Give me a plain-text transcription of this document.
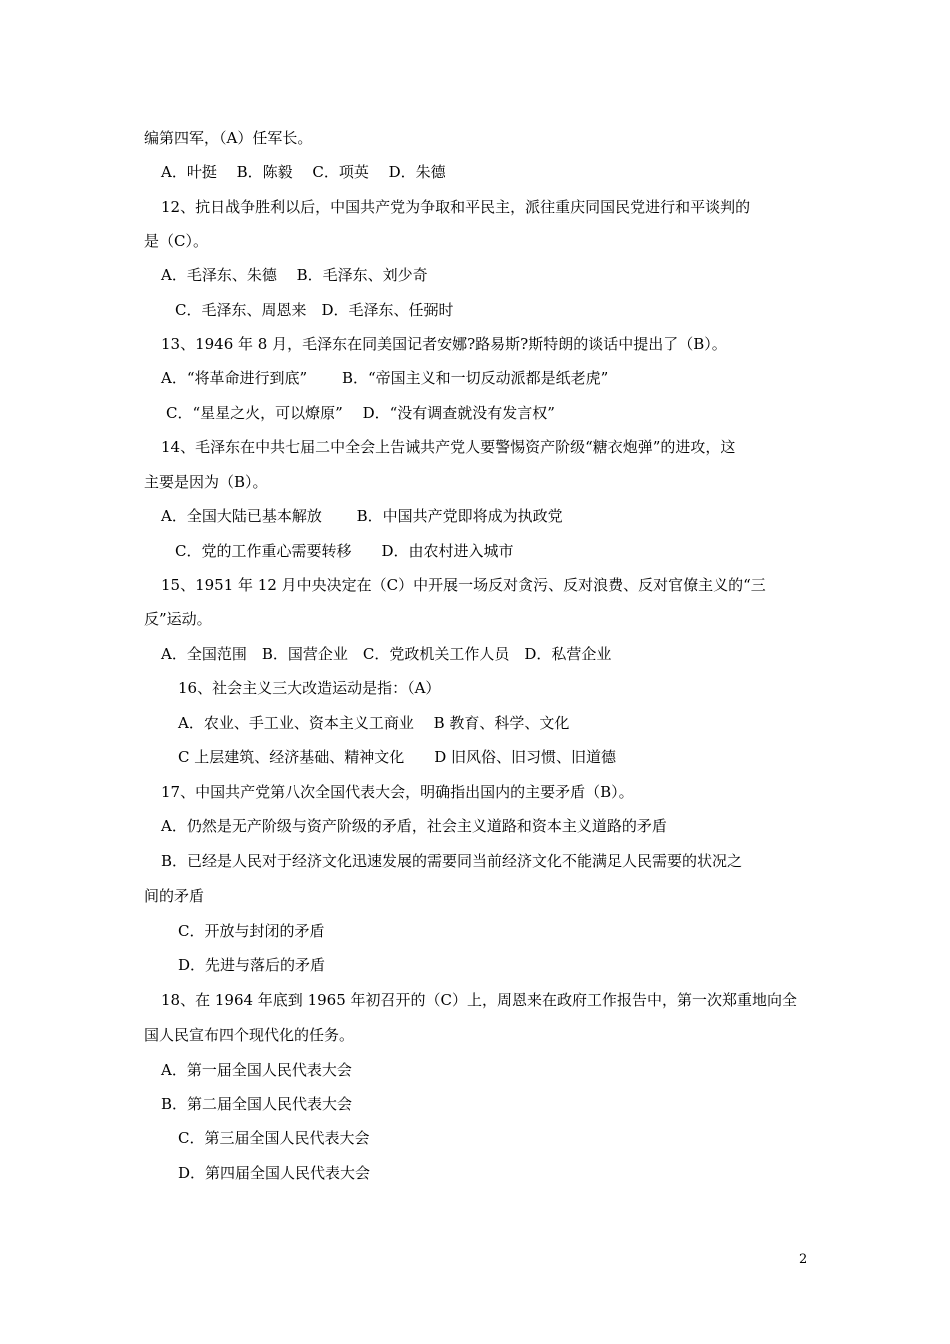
编第四军，（A）任军长。

A．叶挺　 B．陈毅　 C．项英　 D．朱德

12、抗日战争胜利以后，中国共产党为争取和平民主，派往重庆同国民党进行和平谈判的

是（C）。

A．毛泽东、朱德　 B．毛泽东、刘少奇

C．毛泽东、周恩来　D．毛泽东、任弼时

13、1946 年 8 月，毛泽东在同美国记者安娜?路易斯?斯特朗的谈话中提出了（B）。

A．“将革命进行到底”　　 B．“帝国主义和一切反动派都是纸老虎”

C．“星星之火，可以燎原”　 D．“没有调查就没有发言权”

14、毛泽东在中共七届二中全会上告诫共产党人要警惕资产阶级“糖衣炮弹”的进攻，这

主要是因为（B）。

A．全国大陆已基本解放　　 B．中国共产党即将成为执政党

C．党的工作重心需要转移　　D．由农村进入城市

15、1951 年 12 月中央决定在（C）中开展一场反对贪污、反对浪费、反对官僚主义的“三

反”运动。

A．全国范围　B．国营企业　C．党政机关工作人员　D．私营企业

16、社会主义三大改造运动是指：（A）

A．农业、手工业、资本主义工商业　 B 教育、科学、文化

C 上层建筑、经济基础、精神文化　　D 旧风俗、旧习惯、旧道德

17、中国共产党第八次全国代表大会，明确指出国内的主要矛盾（B）。

A．仍然是无产阶级与资产阶级的矛盾，社会主义道路和资本主义道路的矛盾

B．已经是人民对于经济文化迅速发展的需要同当前经济文化不能满足人民需要的状况之

间的矛盾

C．开放与封闭的矛盾

D．先进与落后的矛盾

18、在 1964 年底到 1965 年初召开的（C）上，周恩来在政府工作报告中，第一次郑重地向全

国人民宣布四个现代化的任务。

A．第一届全国人民代表大会

B．第二届全国人民代表大会

C．第三届全国人民代表大会

D．第四届全国人民代表大会

2
